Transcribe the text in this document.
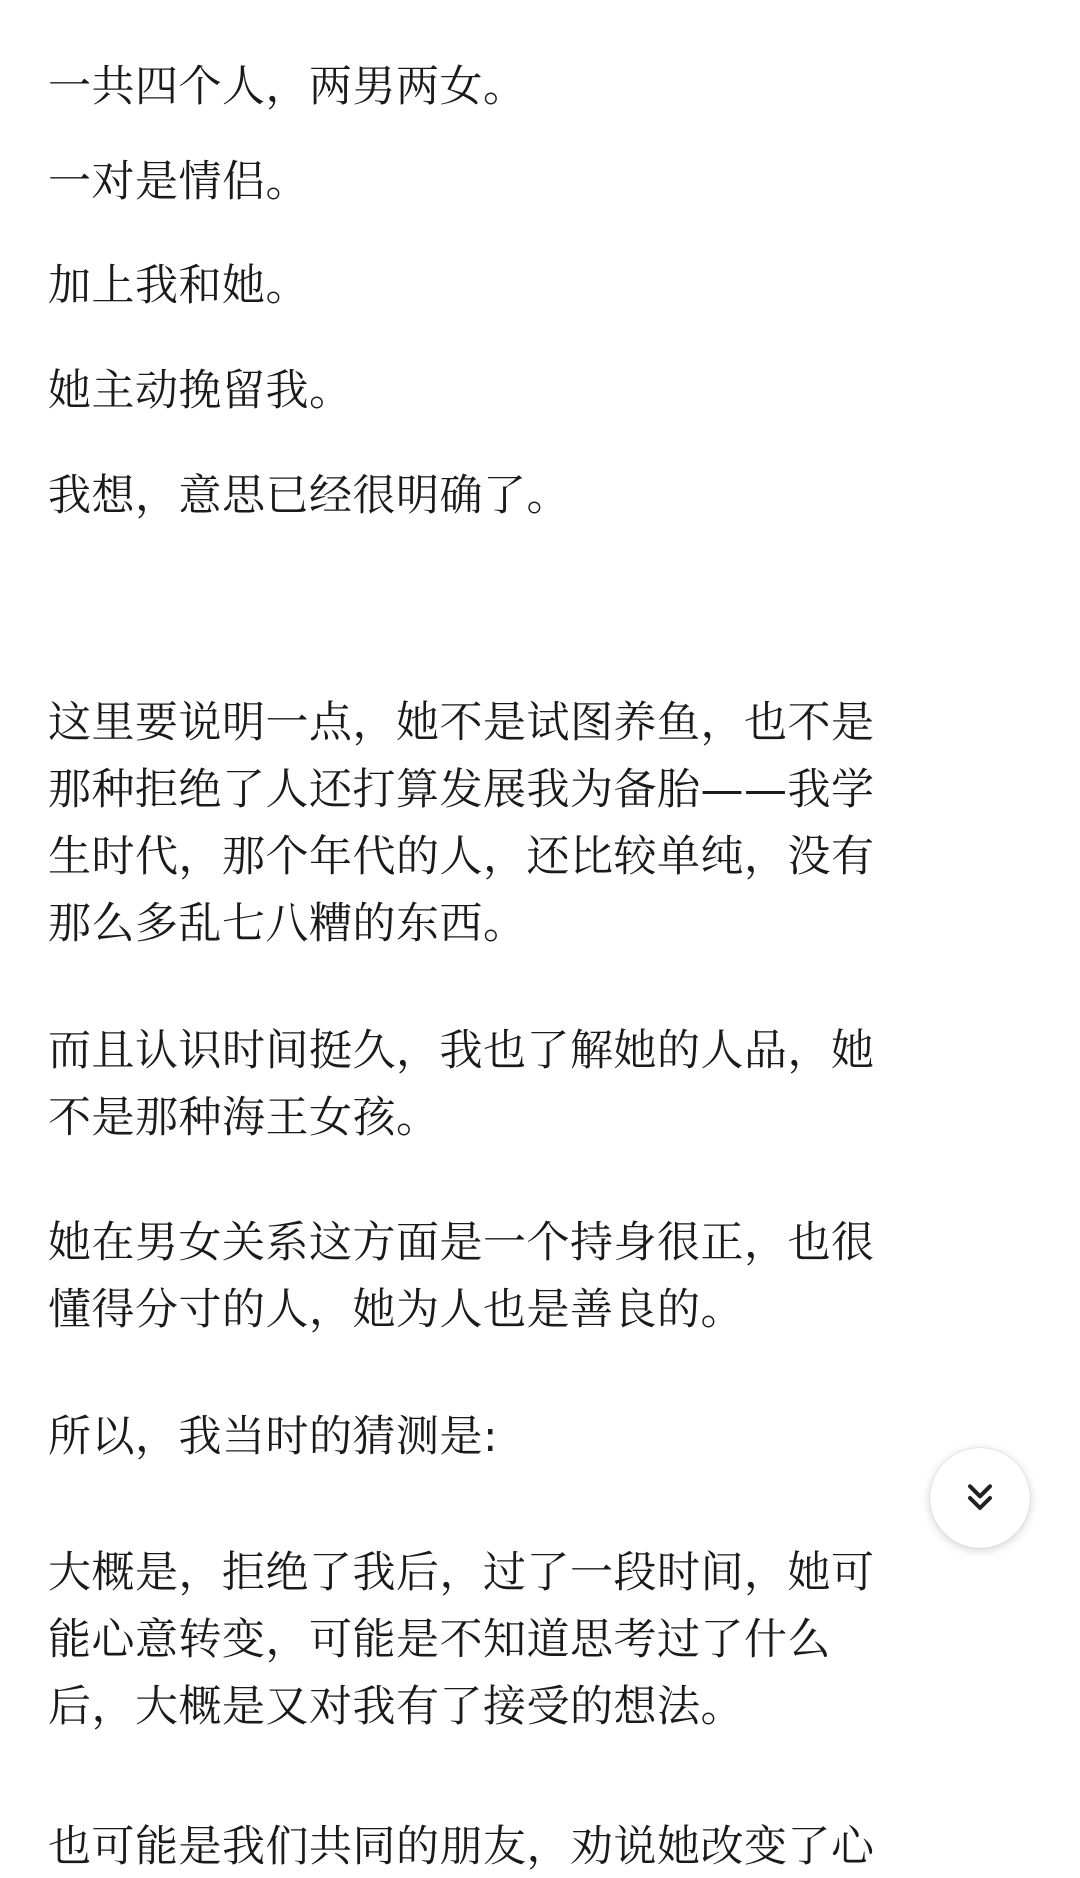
一共四个人，两男两女。

一对是情侣。

加上我和她。

她主动挽留我。

我想，意思已经很明确了。

这里要说明一点，她不是试图养鱼，也不是
那种拒绝了人还打算发展我为备胎——我学
生时代，那个年代的人，还比较单纯，没有
那么多乱七八糟的东西。

而且认识时间挺久，我也了解她的人品，她
不是那种海王女孩。

她在男女关系这方面是一个持身很正，也很
懂得分寸的人，她为人也是善良的。

所以，我当时的猜测是:

大概是，拒绝了我后，过了一段时间，她可
能心意转变，可能是不知道思考过了什么
后，大概是又对我有了接受的想法。

也可能是我们共同的朋友，劝说她改变了心
